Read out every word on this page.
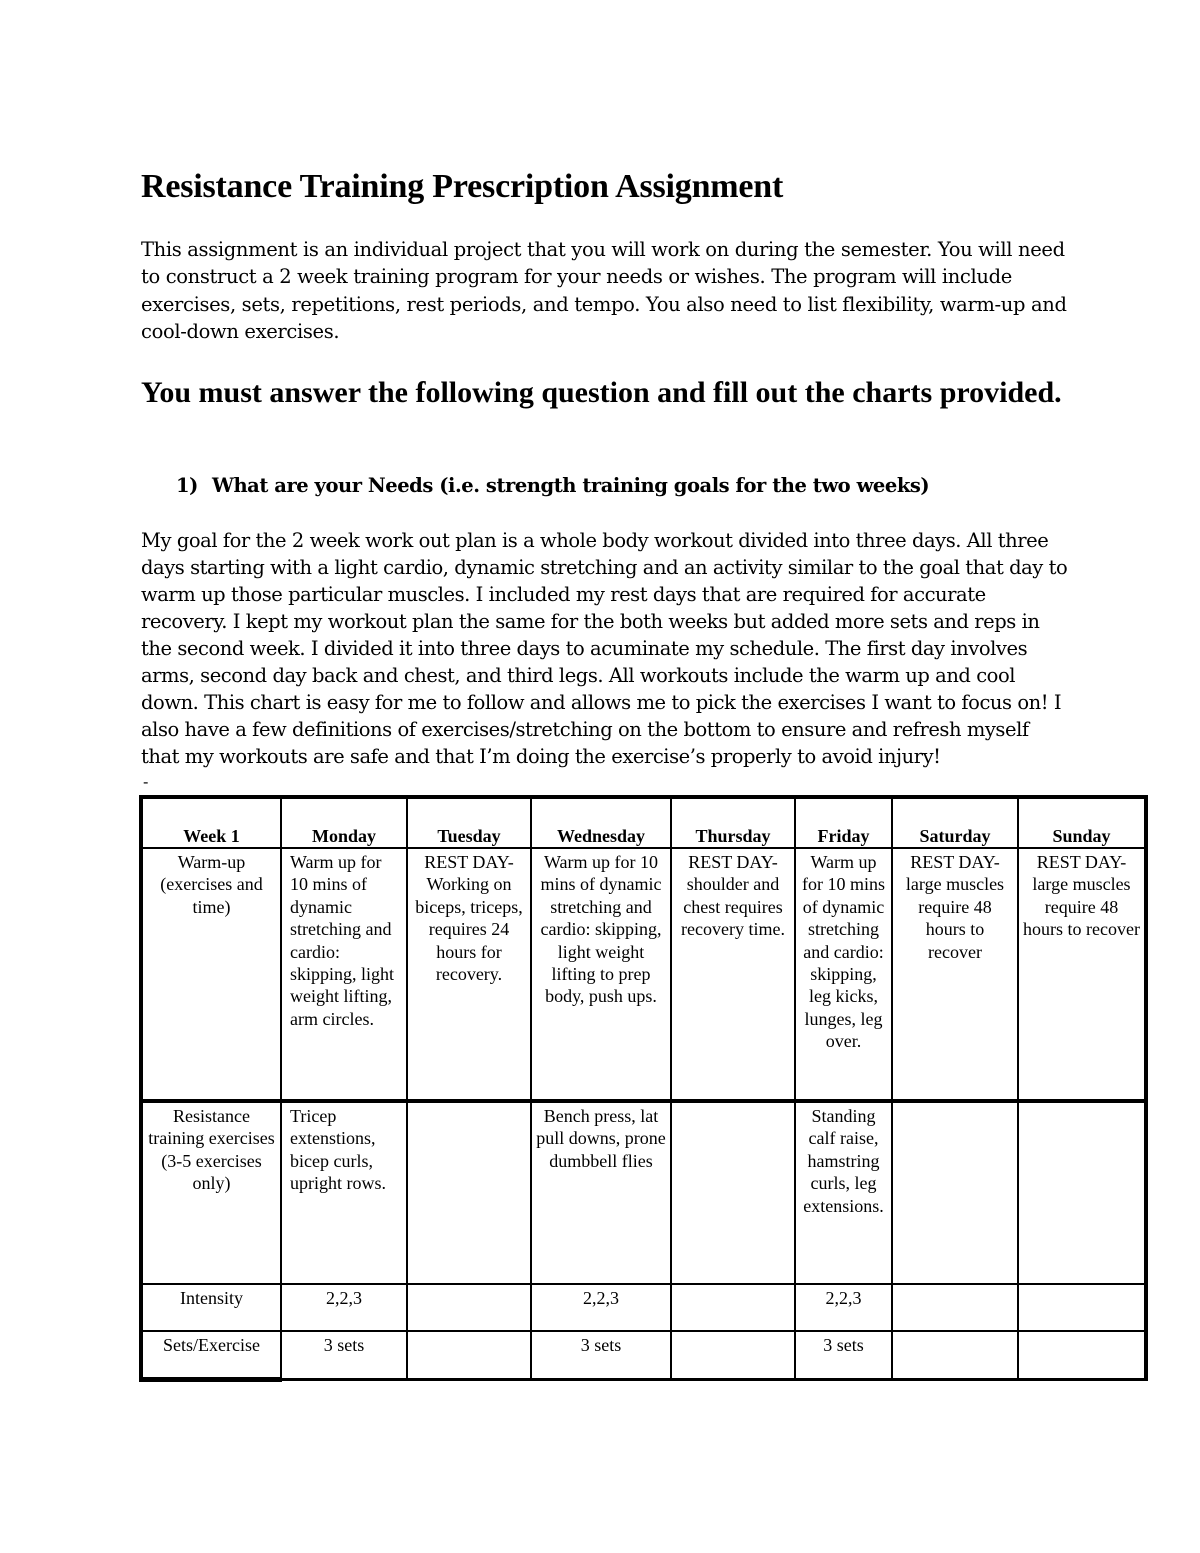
Resistance Training Prescription Assignment

This assignment is an individual project that you will work on during the semester. You will need to construct a 2 week training program for your needs or wishes. The program will include exercises, sets, repetitions, rest periods, and tempo. You also need to list flexibility, warm-up and cool-down exercises.

You must answer the following question and fill out the charts provided.

1) What are your Needs (i.e. strength training goals for the two weeks)

My goal for the 2 week work out plan is a whole body workout divided into three days. All three days starting with a light cardio, dynamic stretching and an activity similar to the goal that day to warm up those particular muscles. I included my rest days that are required for accurate recovery. I kept my workout plan the same for the both weeks but added more sets and reps in the second week. I divided it into three days to acuminate my schedule. The first day involves arms, second day back and chest, and third legs. All workouts include the warm up and cool down. This chart is easy for me to follow and allows me to pick the exercises I want to focus on! I also have a few definitions of exercises/stretching on the bottom to ensure and refresh myself that my workouts are safe and that I’m doing the exercise’s properly to avoid injury!

-
Week 1	Monday	Tuesday	Wednesday	Thursday	Friday	Saturday	Sunday
Warm-up (exercises and time)	Warm up for 10 mins of dynamic stretching and cardio: skipping, light weight lifting, arm circles.	REST DAY- Working on biceps, triceps, requires 24 hours for recovery.	Warm up for 10 mins of dynamic stretching and cardio: skipping, light weight lifting to prep body, push ups.	REST DAY- shoulder and chest requires recovery time.	Warm up for 10 mins of dynamic stretching and cardio: skipping, leg kicks, lunges, leg over.	REST DAY- large muscles require 48 hours to recover	REST DAY- large muscles require 48 hours to recover
Resistance training exercises (3-5 exercises only)	Tricep extenstions, bicep curls, upright rows.		Bench press, lat pull downs, prone dumbbell flies		Standing calf raise, hamstring curls, leg extensions.		
Intensity	2,2,3		2,2,3		2,2,3		
Sets/Exercise	3 sets		3 sets		3 sets		
